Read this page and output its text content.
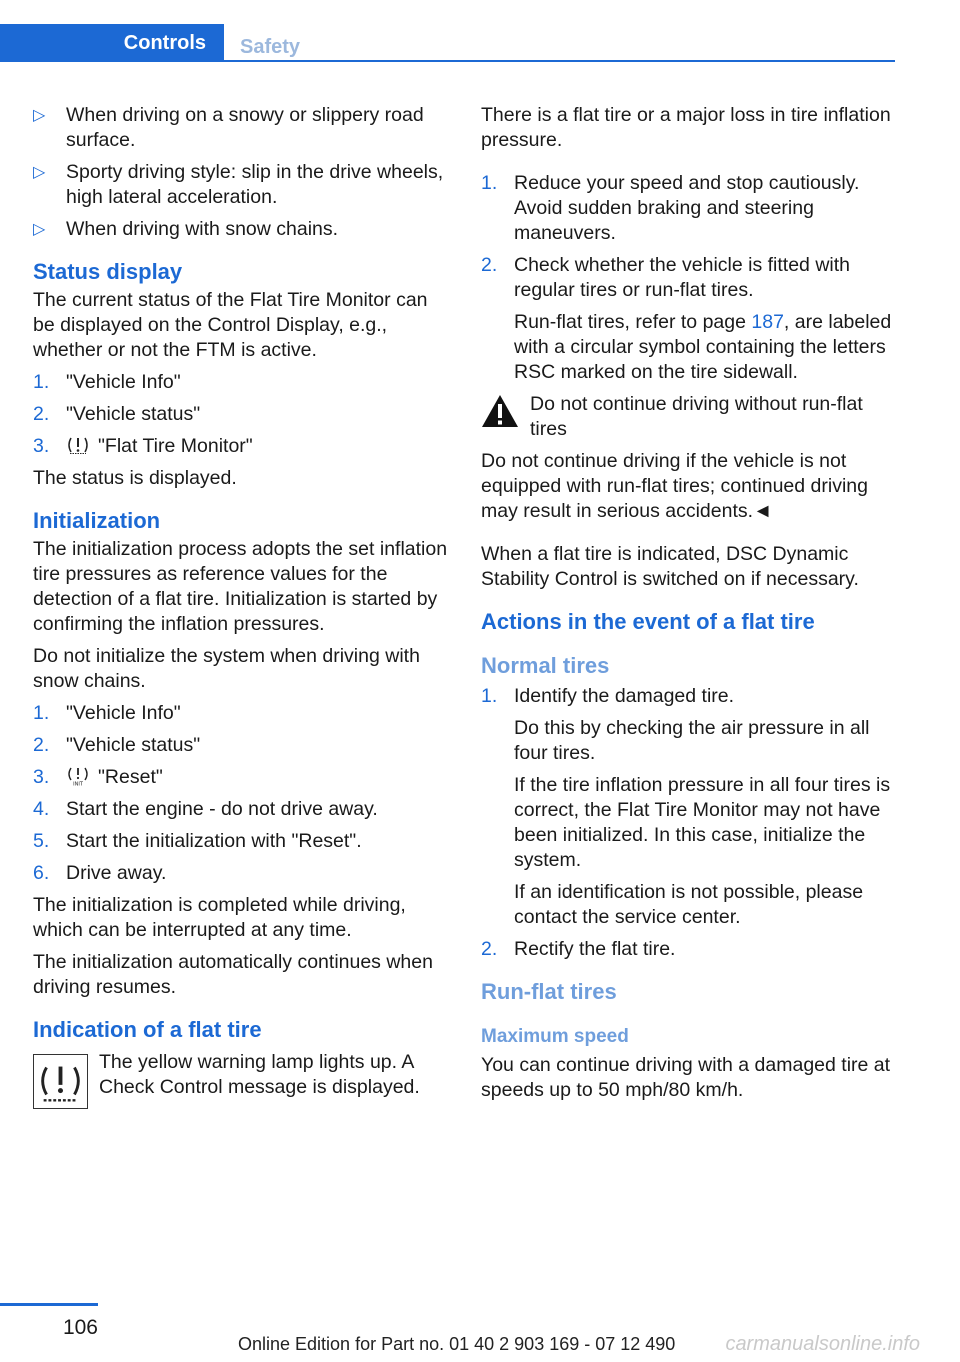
Controls	Safety
▷ When driving on a snowy or slippery road surface.
▷ Sporty driving style: slip in the drive wheels, high lateral acceleration.
▷ When driving with snow chains.
Status display

The current status of the Flat Tire Monitor can be displayed on the Control Display, e.g., whether or not the FTM is active.

1. "Vehicle Info"
2. "Vehicle status"
3. "Flat Tire Monitor"

The status is displayed.

Initialization

The initialization process adopts the set inflation tire pressures as reference values for the detection of a flat tire. Initialization is started by confirming the inflation pressures.

Do not initialize the system when driving with snow chains.

1. "Vehicle Info"
2. "Vehicle status"
3.	INIT "Reset"
4. Start the engine - do not drive away.
5. Start the initialization with "Reset".
6. Drive away.

The initialization is completed while driving, which can be interrupted at any time.

The initialization automatically continues when driving resumes.

Indication of a flat tire
The yellow warning lamp lights up. A Check Control message is displayed.

There is a flat tire or a major loss in tire inflation pressure.

1. Reduce your speed and stop cautiously. Avoid sudden braking and steering maneuvers.
2. Check whether the vehicle is fitted with regular tires or run-flat tires.
Run-flat tires, refer to page 187, are labeled with a circular symbol containing the letters RSC marked on the tire sidewall.
Do not continue driving without run-flat tires

Do not continue driving if the vehicle is not equipped with run-flat tires; continued driving may result in serious accidents.◄

When a flat tire is indicated, DSC Dynamic Stability Control is switched on if necessary.

Actions in the event of a flat tire
Normal tires
1. Identify the damaged tire.
Do this by checking the air pressure in all four tires.
If the tire inflation pressure in all four tires is correct, the Flat Tire Monitor may not have been initialized. In this case, initialize the system.
If an identification is not possible, please contact the service center.
2. Rectify the flat tire.
Run-flat tires
Maximum speed

You can continue driving with a damaged tire at speeds up to 50 mph/80 km/h.

106
Online Edition for Part no. 01 40 2 903 169 - 07 12 490	carmanualsonline.info
